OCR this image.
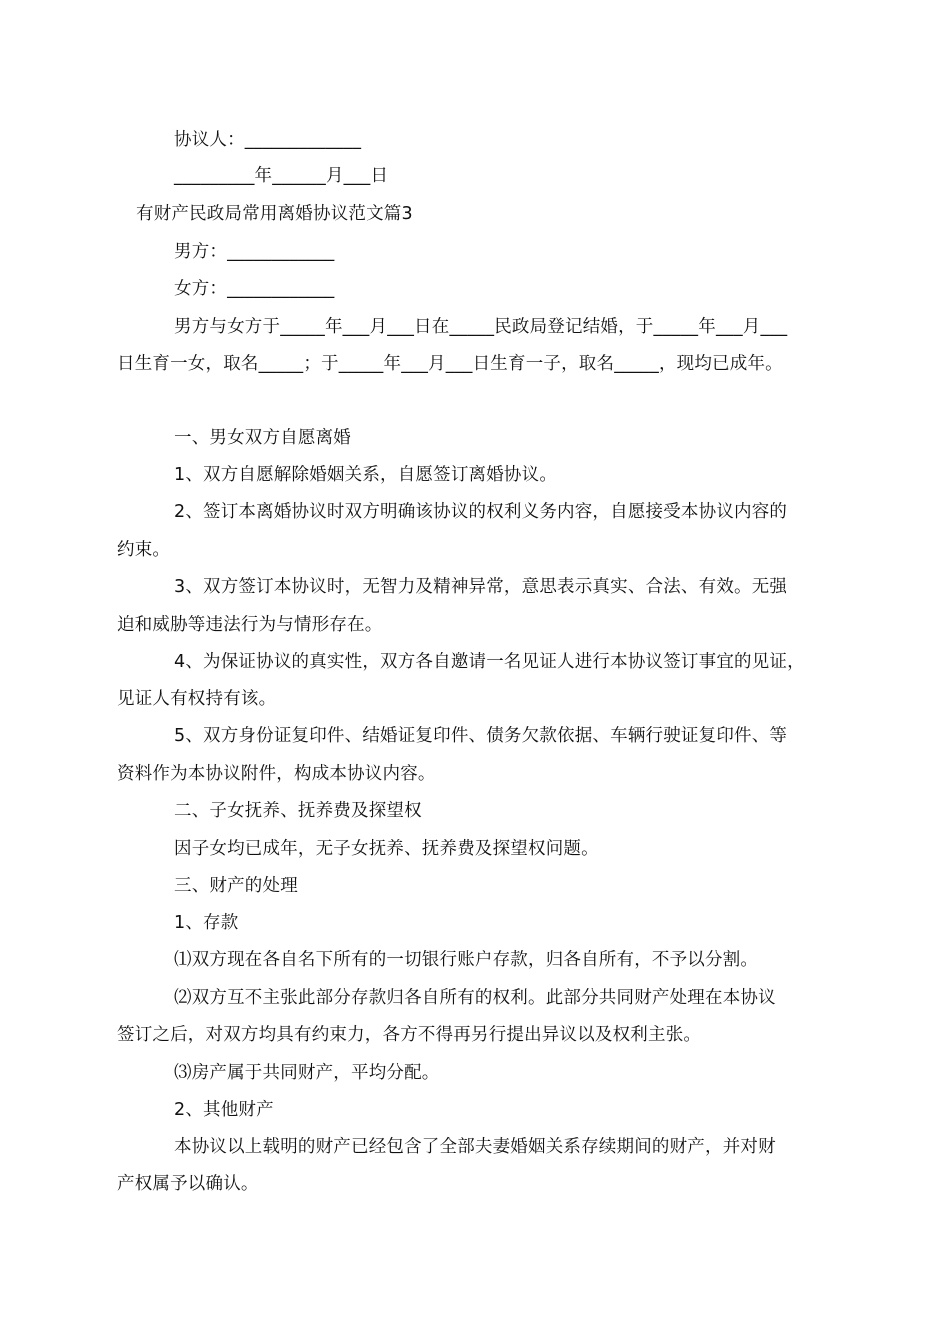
协议人：_____________
_________年______月___日
有财产民政局常用离婚协议范文篇3
男方：____________
女方：____________
男方与女方于_____年___月___日在_____民政局登记结婚，于_____年___月___
日生育一女，取名_____；于_____年___月___日生育一子，取名_____，现均已成年。
一、男女双方自愿离婚
1、双方自愿解除婚姻关系，自愿签订离婚协议。
2、签订本离婚协议时双方明确该协议的权利义务内容，自愿接受本协议内容的
约束。
3、双方签订本协议时，无智力及精神异常，意思表示真实、合法、有效。无强
迫和威胁等违法行为与情形存在。
4、为保证协议的真实性，双方各自邀请一名见证人进行本协议签订事宜的见证，
见证人有权持有该。
5、双方身份证复印件、结婚证复印件、债务欠款依据、车辆行驶证复印件、等
资料作为本协议附件，构成本协议内容。
二、子女抚养、抚养费及探望权
因子女均已成年，无子女抚养、抚养费及探望权问题。
三、财产的处理
1、存款
⑴双方现在各自名下所有的一切银行账户存款，归各自所有，不予以分割。
⑵双方互不主张此部分存款归各自所有的权利。此部分共同财产处理在本协议
签订之后，对双方均具有约束力，各方不得再另行提出异议以及权利主张。
⑶房产属于共同财产，平均分配。
2、其他财产
本协议以上载明的财产已经包含了全部夫妻婚姻关系存续期间的财产，并对财
产权属予以确认。
